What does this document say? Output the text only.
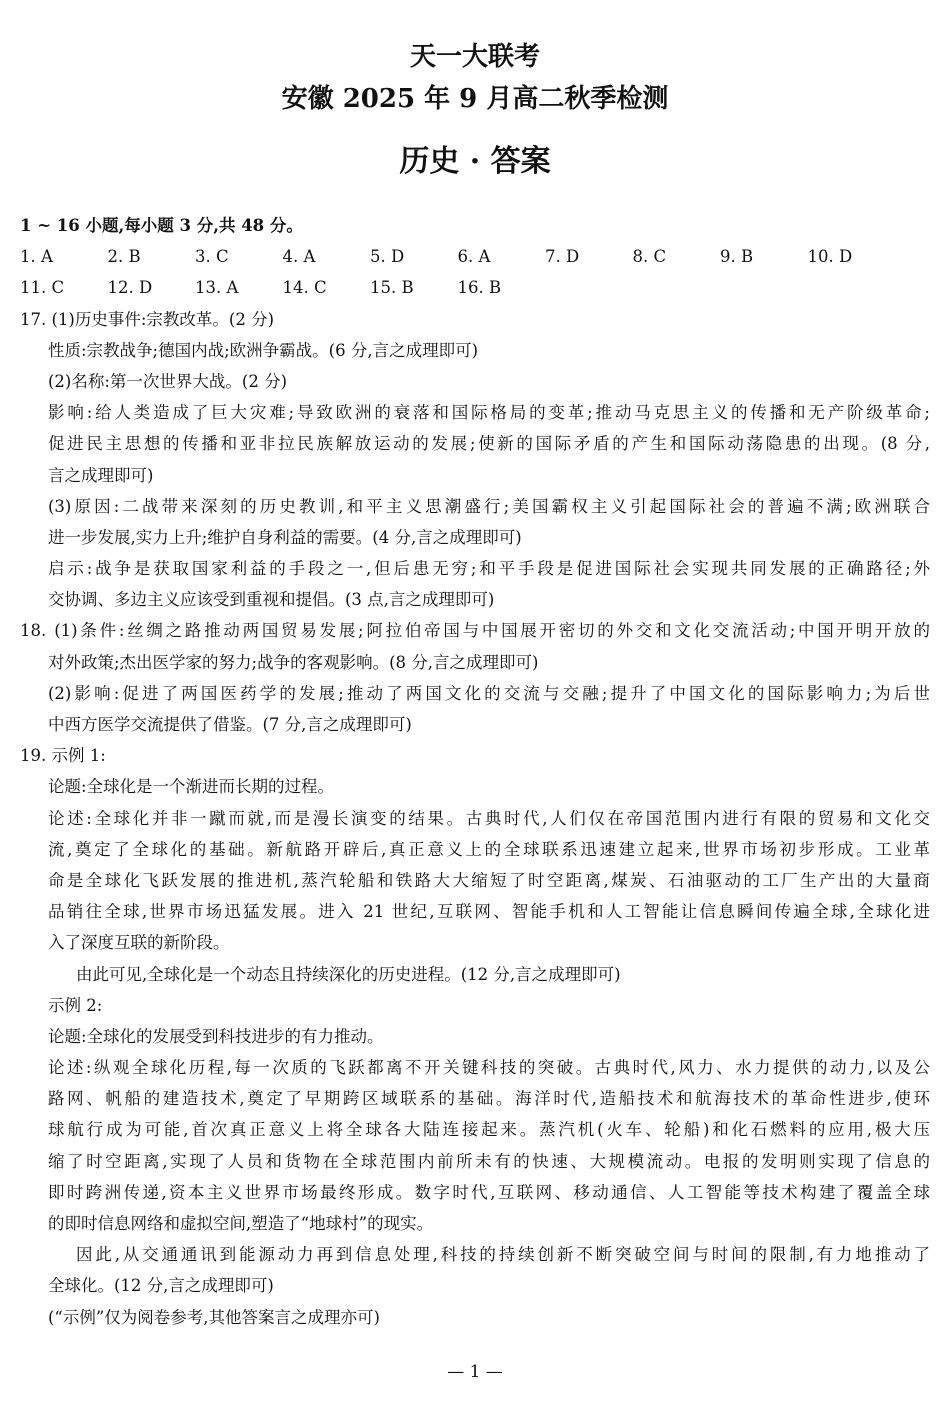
天一大联考
安徽 2025 年 9 月高二秋季检测
历史 · 答案
1 ~ 16 小题,每小题 3 分,共 48 分。
1. A	2. B	3. C	4. A	5. D	6. A	7. D	8. C	9. B	10. D
11. C	12. D	13. A	14. C	15. B	16. B
17. (1)历史事件:宗教改革。(2 分)
性质:宗教战争;德国内战;欧洲争霸战。(6 分,言之成理即可)
(2)名称:第一次世界大战。(2 分)
影响:给人类造成了巨大灾难;导致欧洲的衰落和国际格局的变革;推动马克思主义的传播和无产阶级革命;
促进民主思想的传播和亚非拉民族解放运动的发展;使新的国际矛盾的产生和国际动荡隐患的出现。(8 分,
言之成理即可)
(3)原因:二战带来深刻的历史教训,和平主义思潮盛行;美国霸权主义引起国际社会的普遍不满;欧洲联合
进一步发展,实力上升;维护自身利益的需要。(4 分,言之成理即可)
启示:战争是获取国家利益的手段之一,但后患无穷;和平手段是促进国际社会实现共同发展的正确路径;外
交协调、多边主义应该受到重视和提倡。(3 点,言之成理即可)
18. (1)条件:丝绸之路推动两国贸易发展;阿拉伯帝国与中国展开密切的外交和文化交流活动;中国开明开放的
对外政策;杰出医学家的努力;战争的客观影响。(8 分,言之成理即可)
(2)影响:促进了两国医药学的发展;推动了两国文化的交流与交融;提升了中国文化的国际影响力;为后世
中西方医学交流提供了借鉴。(7 分,言之成理即可)
19. 示例 1:
论题:全球化是一个渐进而长期的过程。
论述:全球化并非一蹴而就,而是漫长演变的结果。古典时代,人们仅在帝国范围内进行有限的贸易和文化交
流,奠定了全球化的基础。新航路开辟后,真正意义上的全球联系迅速建立起来,世界市场初步形成。工业革
命是全球化飞跃发展的推进机,蒸汽轮船和铁路大大缩短了时空距离,煤炭、石油驱动的工厂生产出的大量商
品销往全球,世界市场迅猛发展。进入 21 世纪,互联网、智能手机和人工智能让信息瞬间传遍全球,全球化进
入了深度互联的新阶段。
由此可见,全球化是一个动态且持续深化的历史进程。(12 分,言之成理即可)
示例 2:
论题:全球化的发展受到科技进步的有力推动。
论述:纵观全球化历程,每一次质的飞跃都离不开关键科技的突破。古典时代,风力、水力提供的动力,以及公
路网、帆船的建造技术,奠定了早期跨区域联系的基础。海洋时代,造船技术和航海技术的革命性进步,使环
球航行成为可能,首次真正意义上将全球各大陆连接起来。蒸汽机(火车、轮船)和化石燃料的应用,极大压
缩了时空距离,实现了人员和货物在全球范围内前所未有的快速、大规模流动。电报的发明则实现了信息的
即时跨洲传递,资本主义世界市场最终形成。数字时代,互联网、移动通信、人工智能等技术构建了覆盖全球
的即时信息网络和虚拟空间,塑造了“地球村”的现实。
因此,从交通通讯到能源动力再到信息处理,科技的持续创新不断突破空间与时间的限制,有力地推动了
全球化。(12 分,言之成理即可)
(“示例”仅为阅卷参考,其他答案言之成理亦可)
— 1 —
